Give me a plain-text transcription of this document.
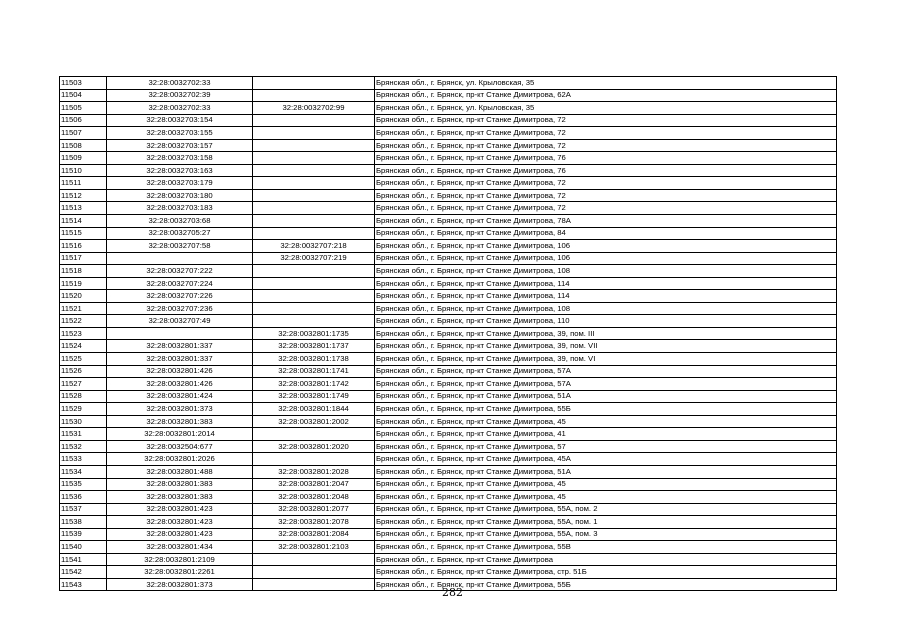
11503	32:28:0032702:33		Брянская обл., г. Брянск, ул. Крыловская, 35
11504	32:28:0032702:39		Брянская обл., г. Брянск, пр-кт Станке Димитрова, 62А
11505	32:28:0032702:33	32:28:0032702:99	Брянская обл., г. Брянск, ул. Крыловская, 35
11506	32:28:0032703:154		Брянская обл., г. Брянск, пр-кт Станке Димитрова, 72
11507	32:28:0032703:155		Брянская обл., г. Брянск, пр-кт Станке Димитрова, 72
11508	32:28:0032703:157		Брянская обл., г. Брянск, пр-кт Станке Димитрова, 72
11509	32:28:0032703:158		Брянская обл., г. Брянск, пр-кт Станке Димитрова, 76
11510	32:28:0032703:163		Брянская обл., г. Брянск, пр-кт Станке Димитрова, 76
11511	32:28:0032703:179		Брянская обл., г. Брянск, пр-кт Станке Димитрова, 72
11512	32:28:0032703:180		Брянская обл., г. Брянск, пр-кт Станке Димитрова, 72
11513	32:28:0032703:183		Брянская обл., г. Брянск, пр-кт Станке Димитрова, 72
11514	32:28:0032703:68		Брянская обл., г. Брянск, пр-кт Станке Димитрова, 78А
11515	32:28:0032705:27		Брянская обл., г. Брянск, пр-кт Станке Димитрова, 84
11516	32:28:0032707:58	32:28:0032707:218	Брянская обл., г. Брянск, пр-кт Станке Димитрова, 106
11517		32:28:0032707:219	Брянская обл., г. Брянск, пр-кт Станке Димитрова, 106
11518	32:28:0032707:222		Брянская обл., г. Брянск, пр-кт Станке Димитрова, 108
11519	32:28:0032707:224		Брянская обл., г. Брянск, пр-кт Станке Димитрова, 114
11520	32:28:0032707:226		Брянская обл., г. Брянск, пр-кт Станке Димитрова, 114
11521	32:28:0032707:236		Брянская обл., г. Брянск, пр-кт Станке Димитрова, 108
11522	32:28:0032707:49		Брянская обл., г. Брянск, пр-кт Станке Димитрова, 110
11523		32:28:0032801:1735	Брянская обл., г. Брянск, пр-кт Станке Димитрова, 39, пом. III
11524	32:28:0032801:337	32:28:0032801:1737	Брянская обл., г. Брянск, пр-кт Станке Димитрова, 39, пом. VII
11525	32:28:0032801:337	32:28:0032801:1738	Брянская обл., г. Брянск, пр-кт Станке Димитрова, 39, пом. VI
11526	32:28:0032801:426	32:28:0032801:1741	Брянская обл., г. Брянск, пр-кт Станке Димитрова, 57А
11527	32:28:0032801:426	32:28:0032801:1742	Брянская обл., г. Брянск, пр-кт Станке Димитрова, 57А
11528	32:28:0032801:424	32:28:0032801:1749	Брянская обл., г. Брянск, пр-кт Станке Димитрова, 51А
11529	32:28:0032801:373	32:28:0032801:1844	Брянская обл., г. Брянск, пр-кт Станке Димитрова, 55Б
11530	32:28:0032801:383	32:28:0032801:2002	Брянская обл., г. Брянск, пр-кт Станке Димитрова, 45
11531	32:28:0032801:2014		Брянская обл., г. Брянск, пр-кт Станке Димитрова, 41
11532	32:28:0032504:677	32:28:0032801:2020	Брянская обл., г. Брянск, пр-кт Станке Димитрова, 57
11533	32:28:0032801:2026		Брянская обл., г. Брянск, пр-кт Станке Димитрова, 45А
11534	32:28:0032801:488	32:28:0032801:2028	Брянская обл., г. Брянск, пр-кт Станке Димитрова, 51А
11535	32:28:0032801:383	32:28:0032801:2047	Брянская обл., г. Брянск, пр-кт Станке Димитрова, 45
11536	32:28:0032801:383	32:28:0032801:2048	Брянская обл., г. Брянск, пр-кт Станке Димитрова, 45
11537	32:28:0032801:423	32:28:0032801:2077	Брянская обл., г. Брянск, пр-кт Станке Димитрова, 55А, пом. 2
11538	32:28:0032801:423	32:28:0032801:2078	Брянская обл., г. Брянск, пр-кт Станке Димитрова, 55А, пом. 1
11539	32:28:0032801:423	32:28:0032801:2084	Брянская обл., г. Брянск, пр-кт Станке Димитрова, 55А, пом. 3
11540	32:28:0032801:434	32:28:0032801:2103	Брянская обл., г. Брянск, пр-кт Станке Димитрова, 55В
11541	32:28:0032801:2109		Брянская обл., г. Брянск, пр-кт Станке Димитрова
11542	32:28:0032801:2261		Брянская обл., г. Брянск, пр-кт Станке Димитрова, стр. 51Б
11543	32:28:0032801:373		Брянская обл., г. Брянск, пр-кт Станке Димитрова, 55Б
282
